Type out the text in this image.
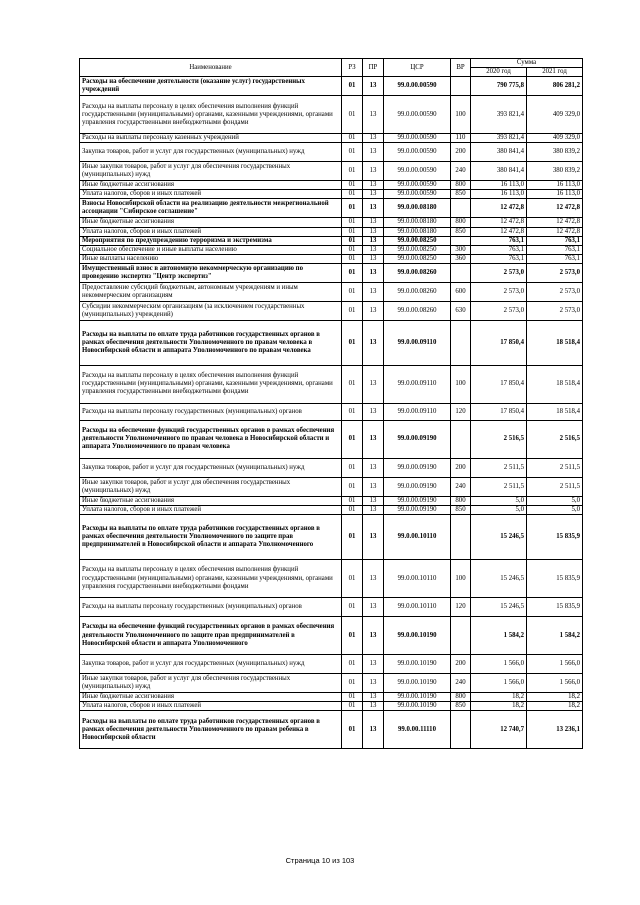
Наименование	РЗ	ПР	ЦСР	ВР	Сумма	
					2020 год	2021 год
Расходы на обеспечение деятельности (оказание услуг) государственных учреждений	01	13	99.0.00.00590		790 775,8	806 281,2
Расходы на выплаты персоналу в целях обеспечения выполнения функций государственными (муниципальными) органами, казенными учреждениями, органами управления государственными внебюджетными фондами	01	13	99.0.00.00590	100	393 821,4	409 329,0
Расходы на выплаты персоналу казенных учреждений	01	13	99.0.00.00590	110	393 821,4	409 329,0
Закупка товаров, работ и услуг для государственных (муниципальных) нужд	01	13	99.0.00.00590	200	380 841,4	380 839,2
Иные закупки товаров, работ и услуг для обеспечения государственных (муниципальных) нужд	01	13	99.0.00.00590	240	380 841,4	380 839,2
Иные бюджетные ассигнования	01	13	99.0.00.00590	800	16 113,0	16 113,0
Уплата налогов, сборов и иных платежей	01	13	99.0.00.00590	850	16 113,0	16 113,0
Взносы Новосибирской области на реализацию деятельности межрегиональной ассоциации "Сибирское соглашение"	01	13	99.0.00.08180		12 472,8	12 472,8
Иные бюджетные ассигнования	01	13	99.0.00.08180	800	12 472,8	12 472,8
Уплата налогов, сборов и иных платежей	01	13	99.0.00.08180	850	12 472,8	12 472,8
Мероприятия по предупреждению терроризма и экстремизма	01	13	99.0.00.08250		763,1	763,1
Социальное обеспечение и иные выплаты населению	01	13	99.0.00.08250	300	763,1	763,1
Иные выплаты населению	01	13	99.0.00.08250	360	763,1	763,1
Имущественный взнос в автономную некоммерческую организацию по проведению экспертиз "Центр экспертиз"	01	13	99.0.00.08260		2 573,0	2 573,0
Предоставление субсидий бюджетным, автономным учреждениям и иным некоммерческим организациям	01	13	99.0.00.08260	600	2 573,0	2 573,0
Субсидии некоммерческим организациям (за исключением государственных (муниципальных) учреждений)	01	13	99.0.00.08260	630	2 573,0	2 573,0
Расходы на выплаты по оплате труда работников государственных органов в рамках обеспечения деятельности Уполномоченного по правам человека в Новосибирской области и аппарата Уполномоченного по правам человека	01	13	99.0.00.09110		17 850,4	18 518,4
Расходы на выплаты персоналу в целях обеспечения выполнения функций государственными (муниципальными) органами, казенными учреждениями, органами управления государственными внебюджетными фондами	01	13	99.0.00.09110	100	17 850,4	18 518,4
Расходы на выплаты персоналу государственных (муниципальных) органов	01	13	99.0.00.09110	120	17 850,4	18 518,4
Расходы на обеспечение функций государственных органов в рамках обеспечения деятельности Уполномоченного по правам человека в Новосибирской области и аппарата Уполномоченного по правам человека	01	13	99.0.00.09190		2 516,5	2 516,5
Закупка товаров, работ и услуг для государственных (муниципальных) нужд	01	13	99.0.00.09190	200	2 511,5	2 511,5
Иные закупки товаров, работ и услуг для обеспечения государственных (муниципальных) нужд	01	13	99.0.00.09190	240	2 511,5	2 511,5
Иные бюджетные ассигнования	01	13	99.0.00.09190	800	5,0	5,0
Уплата налогов, сборов и иных платежей	01	13	99.0.00.09190	850	5,0	5,0
Расходы на выплаты по оплате труда работников государственных органов в рамках обеспечения деятельности Уполномоченного по защите прав предпринимателей в Новосибирской области и аппарата Уполномоченного	01	13	99.0.00.10110		15 246,5	15 835,9
Расходы на выплаты персоналу в целях обеспечения выполнения функций государственными (муниципальными) органами, казенными учреждениями, органами управления государственными внебюджетными фондами	01	13	99.0.00.10110	100	15 246,5	15 835,9
Расходы на выплаты персоналу государственных (муниципальных) органов	01	13	99.0.00.10110	120	15 246,5	15 835,9
Расходы на обеспечение функций государственных органов в рамках обеспечения деятельности Уполномоченного по защите прав предпринимателей в Новосибирской области и аппарата Уполномоченного	01	13	99.0.00.10190		1 584,2	1 584,2
Закупка товаров, работ и услуг для государственных (муниципальных) нужд	01	13	99.0.00.10190	200	1 566,0	1 566,0
Иные закупки товаров, работ и услуг для обеспечения государственных (муниципальных) нужд	01	13	99.0.00.10190	240	1 566,0	1 566,0
Иные бюджетные ассигнования	01	13	99.0.00.10190	800	18,2	18,2
Уплата налогов, сборов и иных платежей	01	13	99.0.00.10190	850	18,2	18,2
Расходы на выплаты по оплате труда работников государственных органов в рамках обеспечения деятельности Уполномоченного по правам ребенка в Новосибирской области	01	13	99.0.00.11110		12 740,7	13 236,1
Страница 10 из 103
